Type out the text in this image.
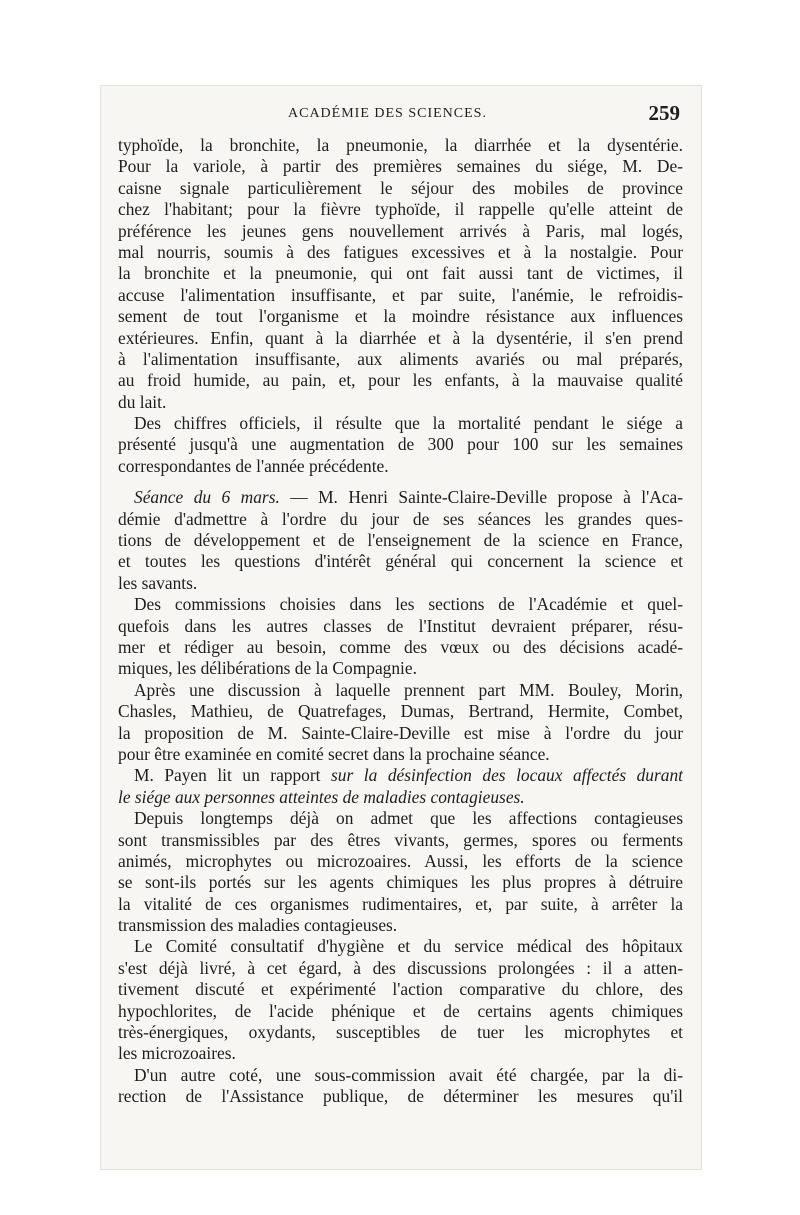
ACADÉMIE DES SCIENCES.	259
typhoïde, la bronchite, la pneumonie, la diarrhée et la dysentérie.
Pour la variole, à partir des premières semaines du siége, M. De-
caisne signale particulièrement le séjour des mobiles de province
chez l'habitant; pour la fièvre typhoïde, il rappelle qu'elle atteint de
préférence les jeunes gens nouvellement arrivés à Paris, mal logés,
mal nourris, soumis à des fatigues excessives et à la nostalgie. Pour
la bronchite et la pneumonie, qui ont fait aussi tant de victimes, il
accuse l'alimentation insuffisante, et par suite, l'anémie, le refroidis-
sement de tout l'organisme et la moindre résistance aux influences
extérieures. Enfin, quant à la diarrhée et à la dysentérie, il s'en prend
à l'alimentation insuffisante, aux aliments avariés ou mal préparés,
au froid humide, au pain, et, pour les enfants, à la mauvaise qualité
du lait.
Des chiffres officiels, il résulte que la mortalité pendant le siége a
présenté jusqu'à une augmentation de 300 pour 100 sur les semaines
correspondantes de l'année précédente.
Séance du 6 mars. — M. Henri Sainte-Claire-Deville propose à l'Aca-
démie d'admettre à l'ordre du jour de ses séances les grandes ques-
tions de développement et de l'enseignement de la science en France,
et toutes les questions d'intérêt général qui concernent la science et
les savants.
Des commissions choisies dans les sections de l'Académie et quel-
quefois dans les autres classes de l'Institut devraient préparer, résu-
mer et rédiger au besoin, comme des vœux ou des décisions acadé-
miques, les délibérations de la Compagnie.
Après une discussion à laquelle prennent part MM. Bouley, Morin,
Chasles, Mathieu, de Quatrefages, Dumas, Bertrand, Hermite, Combet,
la proposition de M. Sainte-Claire-Deville est mise à l'ordre du jour
pour être examinée en comité secret dans la prochaine séance.
M. Payen lit un rapport sur la désinfection des locaux affectés durant
le siége aux personnes atteintes de maladies contagieuses.
Depuis longtemps déjà on admet que les affections contagieuses
sont transmissibles par des êtres vivants, germes, spores ou ferments
animés, microphytes ou microzoaires. Aussi, les efforts de la science
se sont-ils portés sur les agents chimiques les plus propres à détruire
la vitalité de ces organismes rudimentaires, et, par suite, à arrêter la
transmission des maladies contagieuses.
Le Comité consultatif d'hygiène et du service médical des hôpitaux
s'est déjà livré, à cet égard, à des discussions prolongées : il a atten-
tivement discuté et expérimenté l'action comparative du chlore, des
hypochlorites, de l'acide phénique et de certains agents chimiques
très-énergiques, oxydants, susceptibles de tuer les microphytes et
les microzoaires.
D'un autre coté, une sous-commission avait été chargée, par la di-
rection de l'Assistance publique, de déterminer les mesures qu'il
